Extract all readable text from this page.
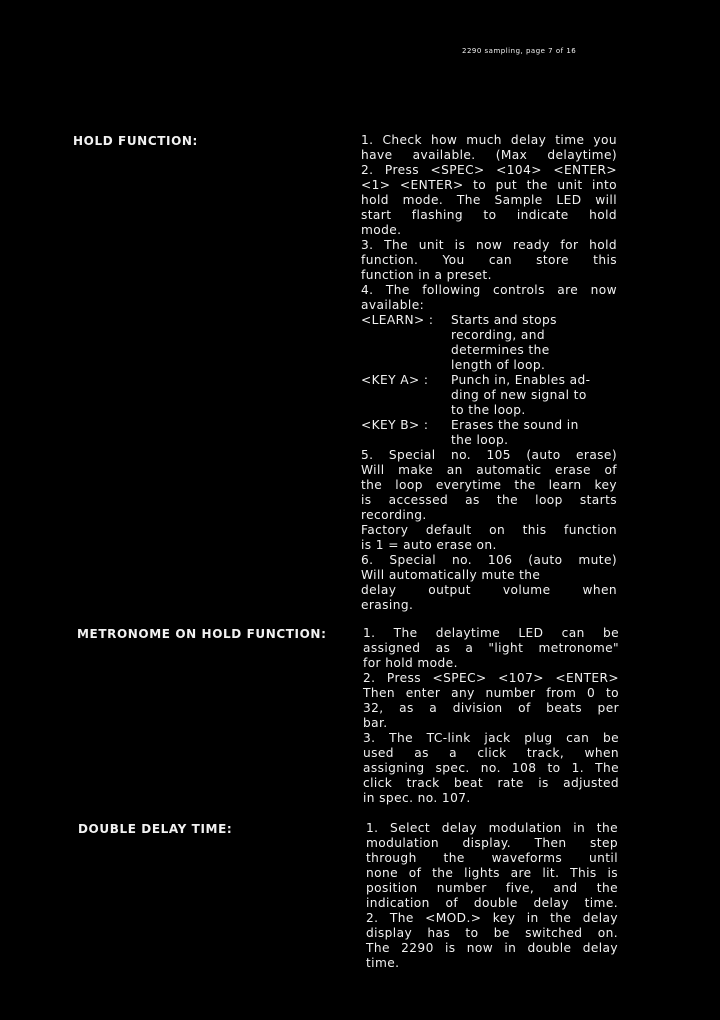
2290 sampling, page 7 of 16
HOLD FUNCTION:	1. Check how much delay time you
have available. (Max delaytime)
2. Press <SPEC> <104> <ENTER>
<1> <ENTER> to put the unit into
hold mode. The Sample LED will
start flashing to indicate hold
mode.
3. The unit is now ready for hold
function. You can store this
function in a preset.
4. The following controls are now
available:
<LEARN> :	Starts and stops
recording, and
determines the
length of loop.
<KEY A> :	Punch in, Enables ad-
ding of new signal to
to the loop.
<KEY B> :	Erases the sound in
the loop.
5. Special no. 105 (auto erase)
Will make an automatic erase of
the loop everytime the learn key
is accessed as the loop starts
recording.
Factory default on this function
is 1 = auto erase on.
6. Special no. 106 (auto mute)
Will automatically mute the
delay output volume when
erasing.
METRONOME ON HOLD FUNCTION:	1. The delaytime LED can be
assigned as a "light metronome"
for hold mode.
2. Press <SPEC> <107> <ENTER>
Then enter any number from 0 to
32, as a division of beats per
bar.
3. The TC-link jack plug can be
used as a click track, when
assigning spec. no. 108 to 1. The
click track beat rate is adjusted
in spec. no. 107.
DOUBLE DELAY TIME:	1. Select delay modulation in the
modulation display. Then step
through the waveforms until
none of the lights are lit. This is
position number five, and the
indication of double delay time.
2. The <MOD.> key in the delay
display has to be switched on.
The 2290 is now in double delay
time.
